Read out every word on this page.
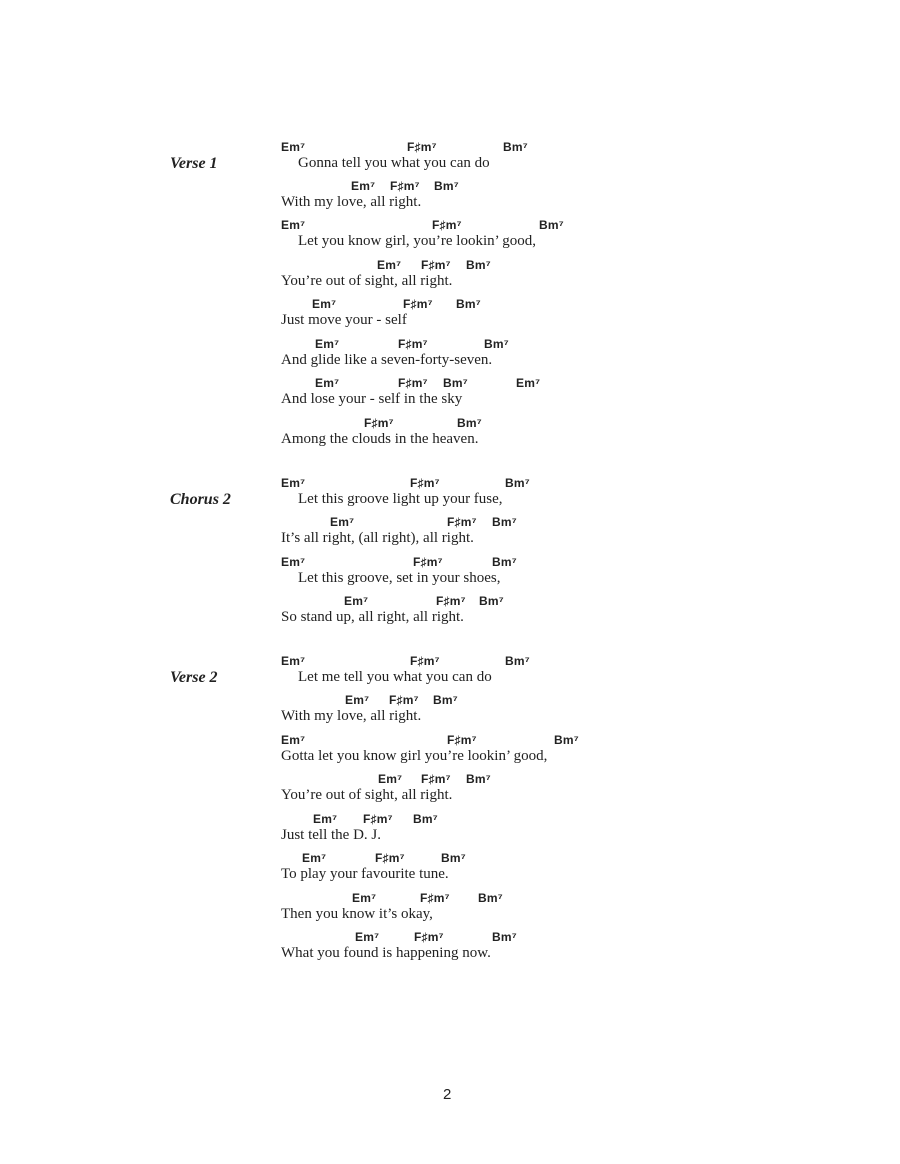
Verse 1
Em⁷	F♯m⁷	Bm⁷
Gonna tell you what you can do
Em⁷ F♯m⁷ Bm⁷
With my love, all right.
Em⁷	F♯m⁷	Bm⁷
Let you know girl, you’re lookin’ good,
Em⁷ F♯m⁷ Bm⁷
You’re out of sight, all right.
Em⁷	F♯m⁷ Bm⁷
Just move your - self
Em⁷	F♯m⁷	Bm⁷
And glide like a seven-forty-seven.
Em⁷	F♯m⁷ Bm⁷	Em⁷
And lose your - self in the sky
F♯m⁷	Bm⁷
Among the clouds in the heaven.
Chorus 2
Em⁷	F♯m⁷	Bm⁷
Let this groove light up your fuse,
Em⁷	F♯m⁷ Bm⁷
It’s all right, (all right), all right.
Em⁷	F♯m⁷	Bm⁷
Let this groove, set in your shoes,
Em⁷	F♯m⁷ Bm⁷
So stand up, all right, all right.
Verse 2
Em⁷	F♯m⁷	Bm⁷
Let me tell you what you can do
Em⁷ F♯m⁷ Bm⁷
With my love, all right.
Em⁷	F♯m⁷	Bm⁷
Gotta let you know girl you’re lookin’ good,
Em⁷ F♯m⁷ Bm⁷
You’re out of sight, all right.
Em⁷ F♯m⁷ Bm⁷
Just tell the D. J.
Em⁷	F♯m⁷	Bm⁷
To play your favourite tune.
Em⁷	F♯m⁷ Bm⁷
Then you know it’s okay,
Em⁷	F♯m⁷	Bm⁷
What you found is happening now.
2
